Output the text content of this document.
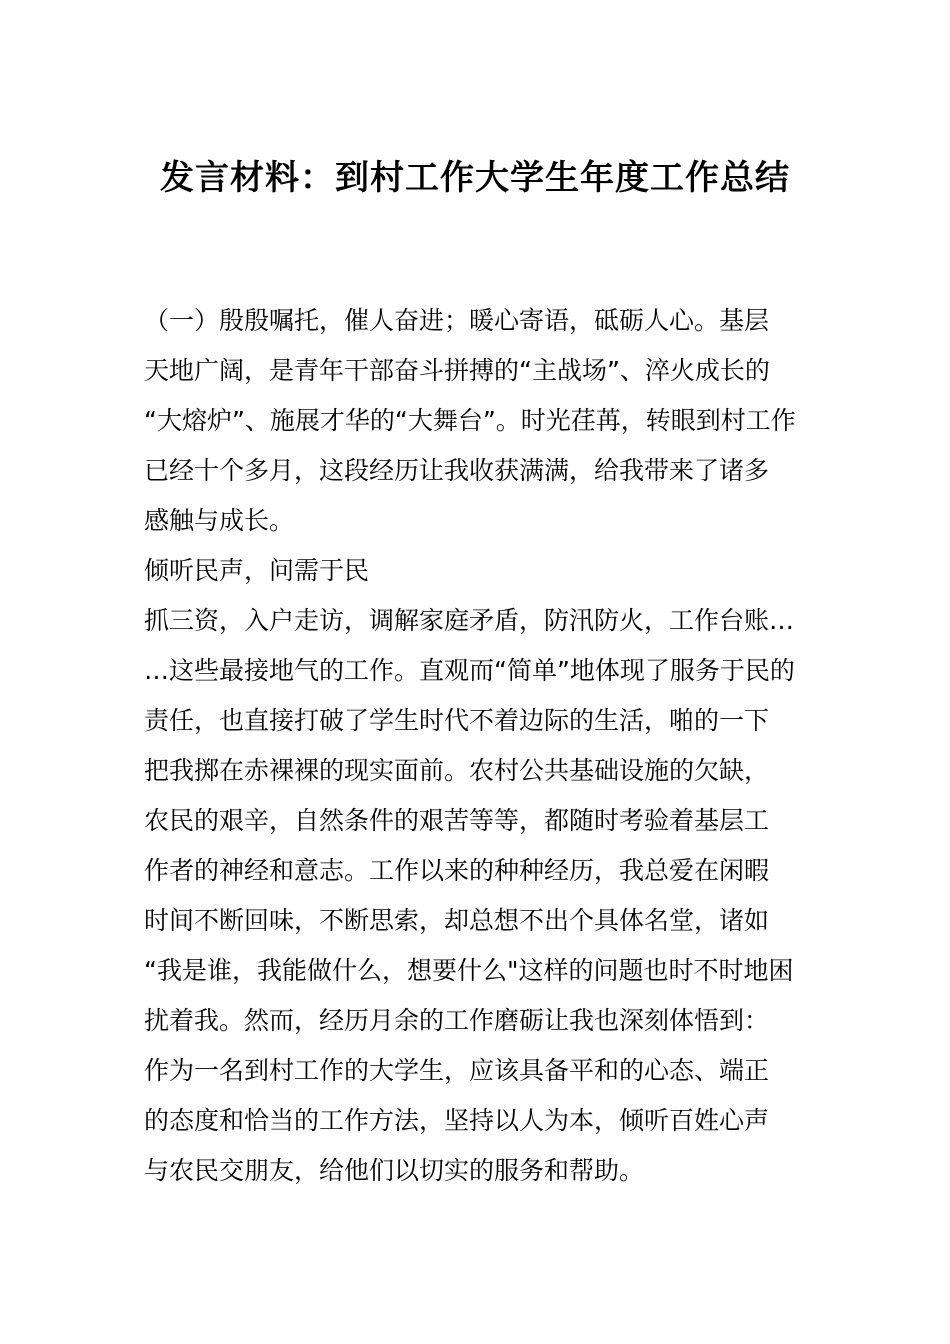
发言材料：到村工作大学生年度工作总结
（一）殷殷嘱托，催人奋进；暖心寄语，砥砺人心。基层
天地广阔，是青年干部奋斗拼搏的“主战场”、淬火成长的
“大熔炉”、施展才华的“大舞台”。时光荏苒，转眼到村工作
已经十个多月，这段经历让我收获满满，给我带来了诸多
感触与成长。
倾听民声，问需于民
抓三资，入户走访，调解家庭矛盾，防汛防火，工作台账…
…这些最接地气的工作。直观而“简单”地体现了服务于民的
责任，也直接打破了学生时代不着边际的生活，啪的一下
把我掷在赤裸裸的现实面前。农村公共基础设施的欠缺，
农民的艰辛，自然条件的艰苦等等，都随时考验着基层工
作者的神经和意志。工作以来的种种经历，我总爱在闲暇
时间不断回味，不断思索，却总想不出个具体名堂，诸如
“我是谁，我能做什么，想要什么"这样的问题也时不时地困
扰着我。然而，经历月余的工作磨砺让我也深刻体悟到：
作为一名到村工作的大学生，应该具备平和的心态、端正
的态度和恰当的工作方法，坚持以人为本，倾听百姓心声
与农民交朋友，给他们以切实的服务和帮助。
